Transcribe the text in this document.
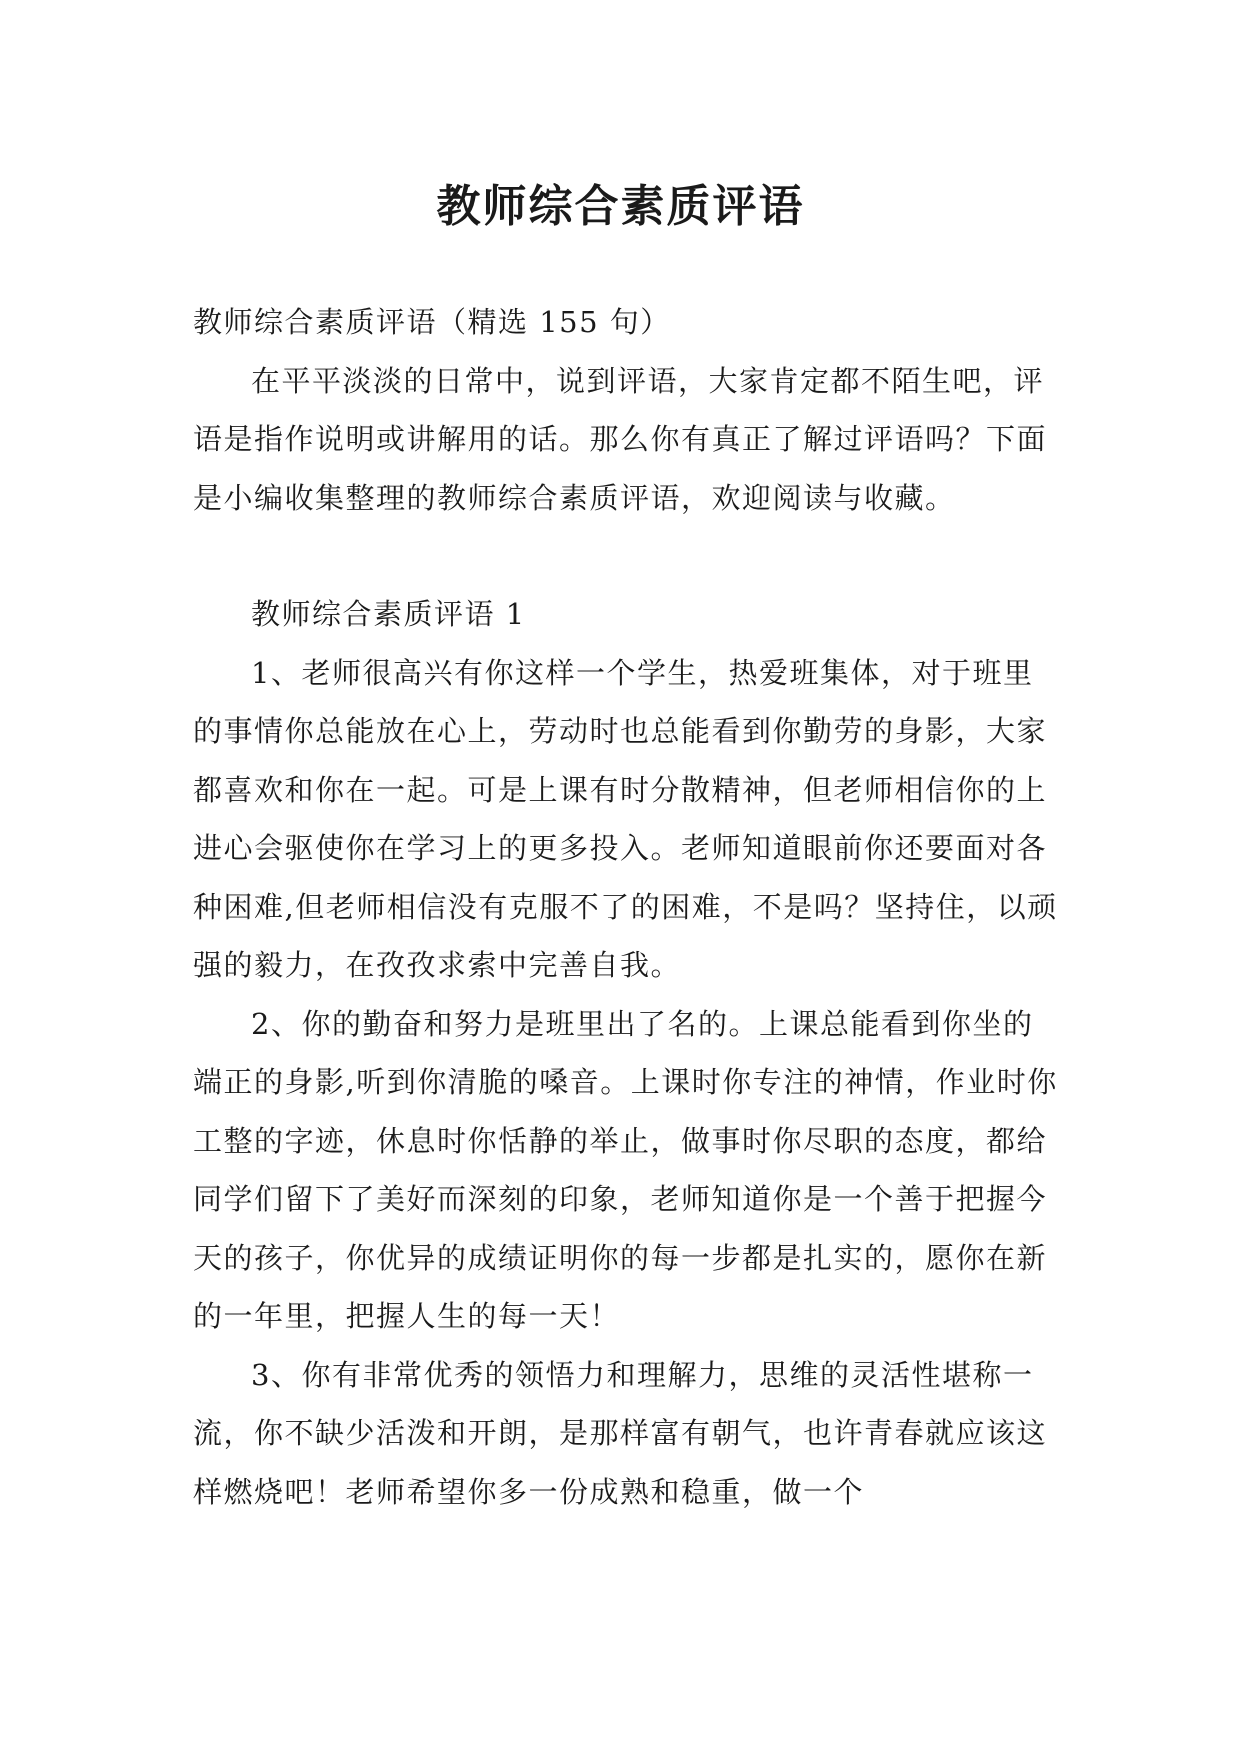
教师综合素质评语

教师综合素质评语（精选 155 句）

在平平淡淡的日常中，说到评语，大家肯定都不陌生吧，评语是指作说明或讲解用的话。那么你有真正了解过评语吗？下面是小编收集整理的教师综合素质评语，欢迎阅读与收藏。

教师综合素质评语 1

1、老师很高兴有你这样一个学生，热爱班集体，对于班里的事情你总能放在心上，劳动时也总能看到你勤劳的身影，大家都喜欢和你在一起。可是上课有时分散精神，但老师相信你的上进心会驱使你在学习上的更多投入。老师知道眼前你还要面对各种困难,但老师相信没有克服不了的困难，不是吗？坚持住，以顽强的毅力，在孜孜求索中完善自我。

2、你的勤奋和努力是班里出了名的。上课总能看到你坐的端正的身影,听到你清脆的嗓音。上课时你专注的神情，作业时你工整的字迹，休息时你恬静的举止，做事时你尽职的态度，都给同学们留下了美好而深刻的印象，老师知道你是一个善于把握今天的孩子，你优异的成绩证明你的每一步都是扎实的，愿你在新的一年里，把握人生的每一天！

3、你有非常优秀的领悟力和理解力，思维的灵活性堪称一流，你不缺少活泼和开朗，是那样富有朝气，也许青春就应该这样燃烧吧！老师希望你多一份成熟和稳重，做一个
